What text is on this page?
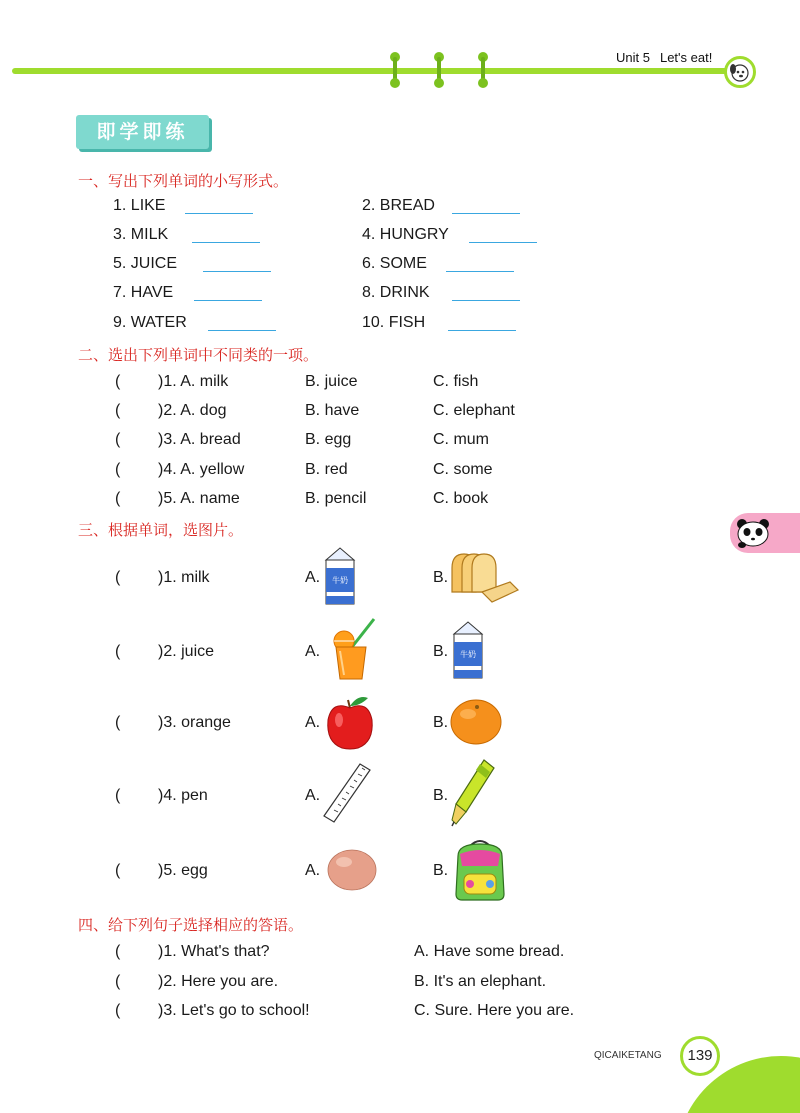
Unit 5 Let's eat!
即学即练
一、写出下列单词的小写形式。
1. LIKE	2. BREAD
3. MILK	4. HUNGRY
5. JUICE	6. SOME
7. HAVE	8. DRINK
9. WATER	10. FISH
二、选出下列单词中不同类的一项。
( )1. A. milk	B. juice	C. fish
( )2. A. dog	B. have	C. elephant
( )3. A. bread	B. egg	C. mum
( )4. A. yellow	B. red	C. some
( )5. A. name	B. pencil	C. book
三、根据单词，选图片。
( )1. milk	A. 牛奶	B.
( )2. juice	A.	B. 牛奶
( )3. orange	A.	B.
( )4. pen	A.	B.
( )5. egg	A.	B.
四、给下列句子选择相应的答语。
( )1. What's that?	A. Have some bread.
( )2. Here you are.	B. It's an elephant.
( )3. Let's go to school!	C. Sure. Here you are.
QICAIKETANG	139
